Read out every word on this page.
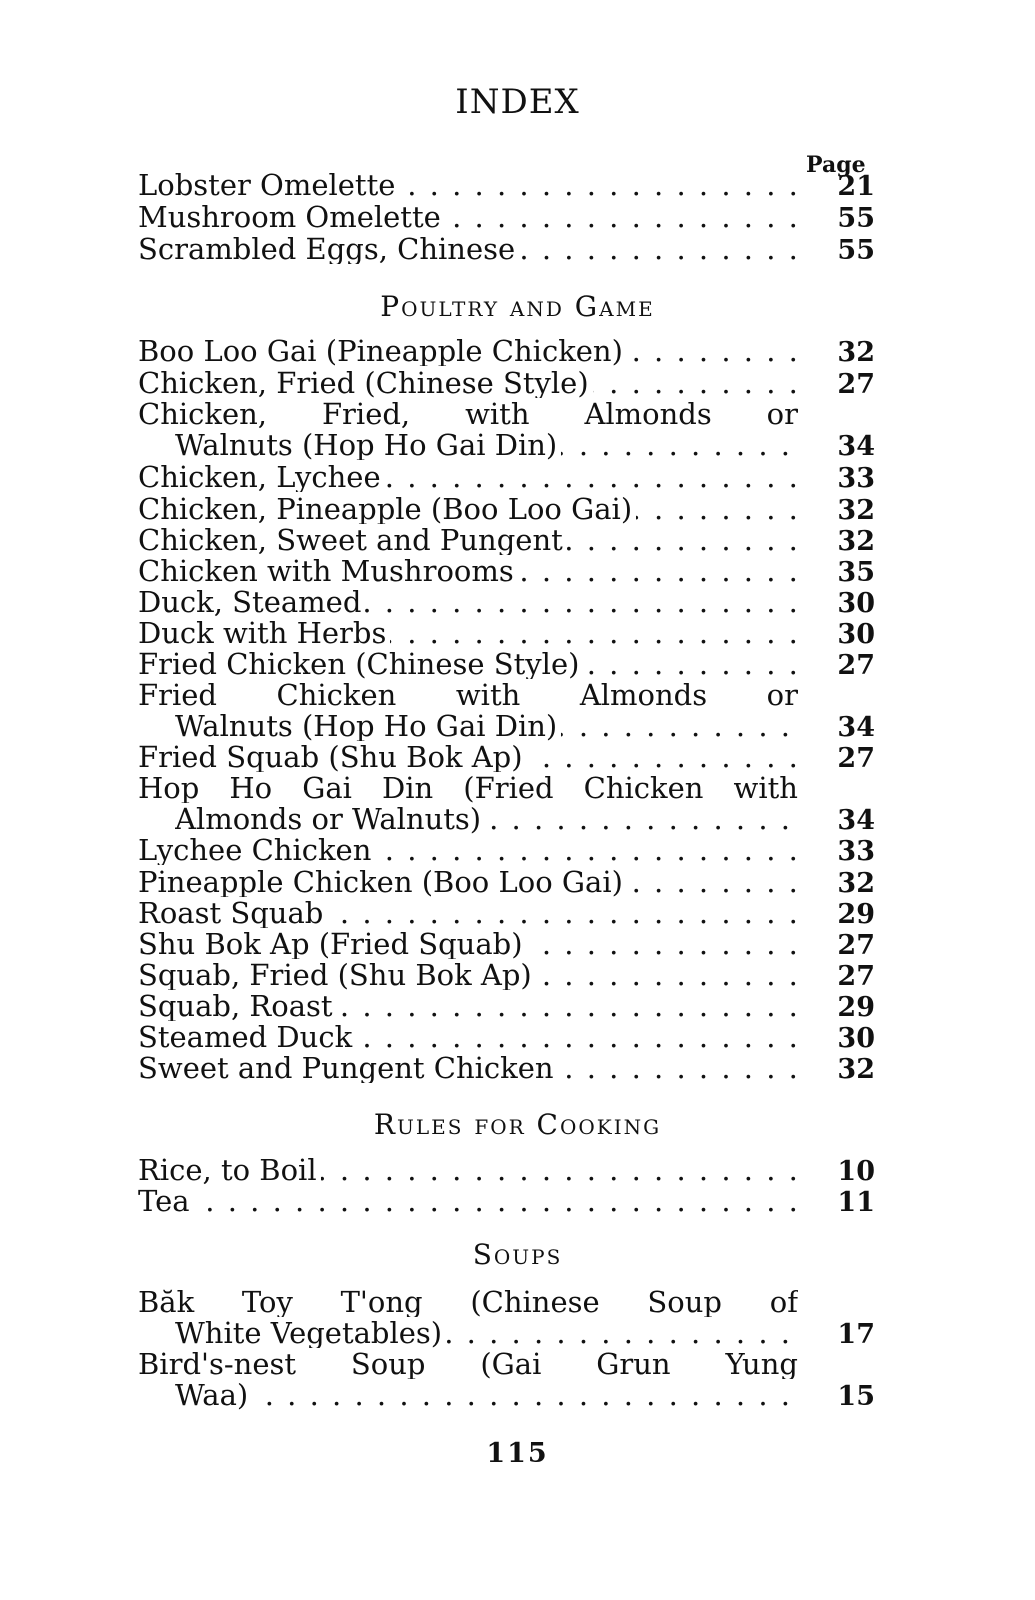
INDEX
Page
Lobster Omelette . . .	21
Mushroom Omelette . . .	55
Scrambled Eggs, Chinese . . .	55
Poultry and Game
Boo Loo Gai (Pineapple Chicken) . . .	32
Chicken, Fried (Chinese Style) . . .	27
Chicken, Fried, with Almonds or
Walnuts (Hop Ho Gai Din) . . .	34
Chicken, Lychee . . .	33
Chicken, Pineapple (Boo Loo Gai) . . .	32
Chicken, Sweet and Pungent . . .	32
Chicken with Mushrooms . . .	35
Duck, Steamed . . .	30
Duck with Herbs . . .	30
Fried Chicken (Chinese Style) . . .	27
Fried Chicken with Almonds or
Walnuts (Hop Ho Gai Din) . . .	34
Fried Squab (Shu Bok Ap) . . .	27
Hop Ho Gai Din (Fried Chicken with
Almonds or Walnuts) . . .	34
Lychee Chicken . . .	33
Pineapple Chicken (Boo Loo Gai) . . .	32
Roast Squab . . .	29
Shu Bok Ap (Fried Squab) . . .	27
Squab, Fried (Shu Bok Ap) . . .	27
Squab, Roast . . .	29
Steamed Duck . . .	30
Sweet and Pungent Chicken . . .	32
Rules for Cooking
Rice, to Boil . . .	10
Tea . . .	11
Soups
Băk Toy T'ong (Chinese Soup of
White Vegetables) . . .	17
Bird's-nest Soup (Gai Grun Yung
Waa) . . .	15
115
